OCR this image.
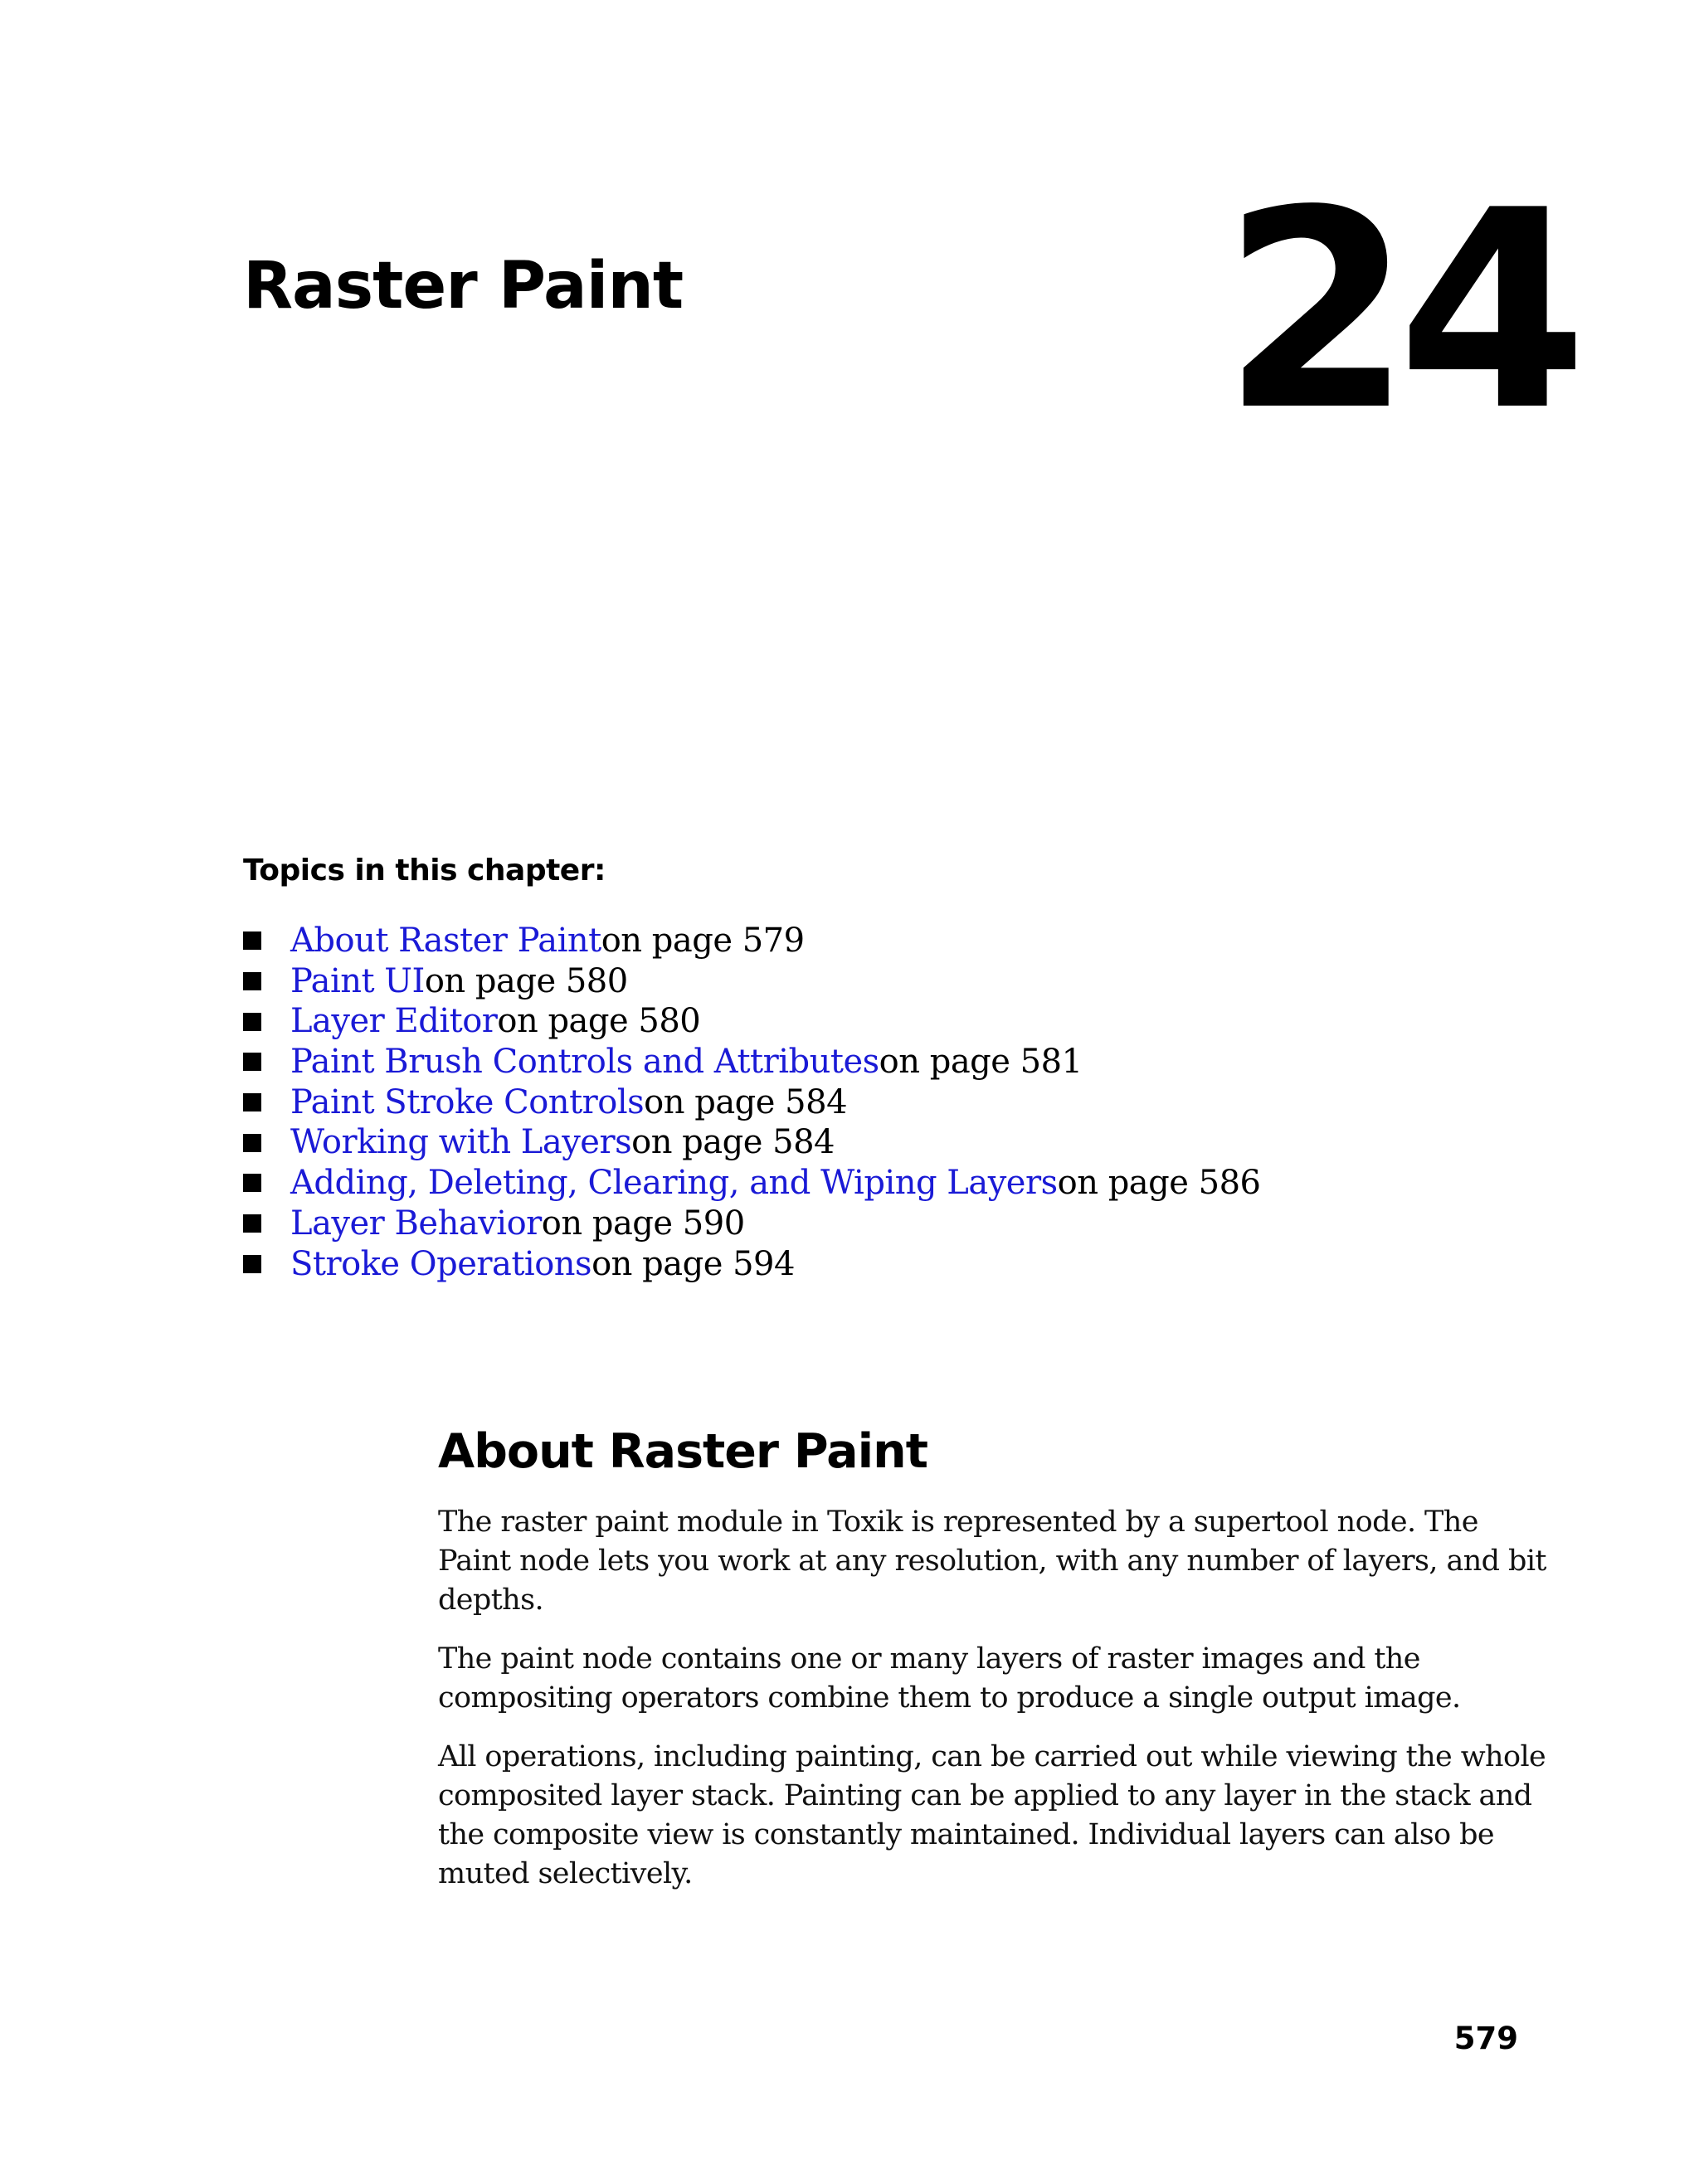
Raster Paint 24
Topics in this chapter:
About Raster Paint on page 579
Paint UI on page 580
Layer Editor on page 580
Paint Brush Controls and Attributes on page 581
Paint Stroke Controls on page 584
Working with Layers on page 584
Adding, Deleting, Clearing, and Wiping Layers on page 586
Layer Behavior on page 590
Stroke Operations on page 594
About Raster Paint

The raster paint module in Toxik is represented by a supertool node. The Paint node lets you work at any resolution, with any number of layers, and bit depths.

The paint node contains one or many layers of raster images and the compositing operators combine them to produce a single output image.

All operations, including painting, can be carried out while viewing the whole composited layer stack. Painting can be applied to any layer in the stack and the composite view is constantly maintained. Individual layers can also be muted selectively.

579
